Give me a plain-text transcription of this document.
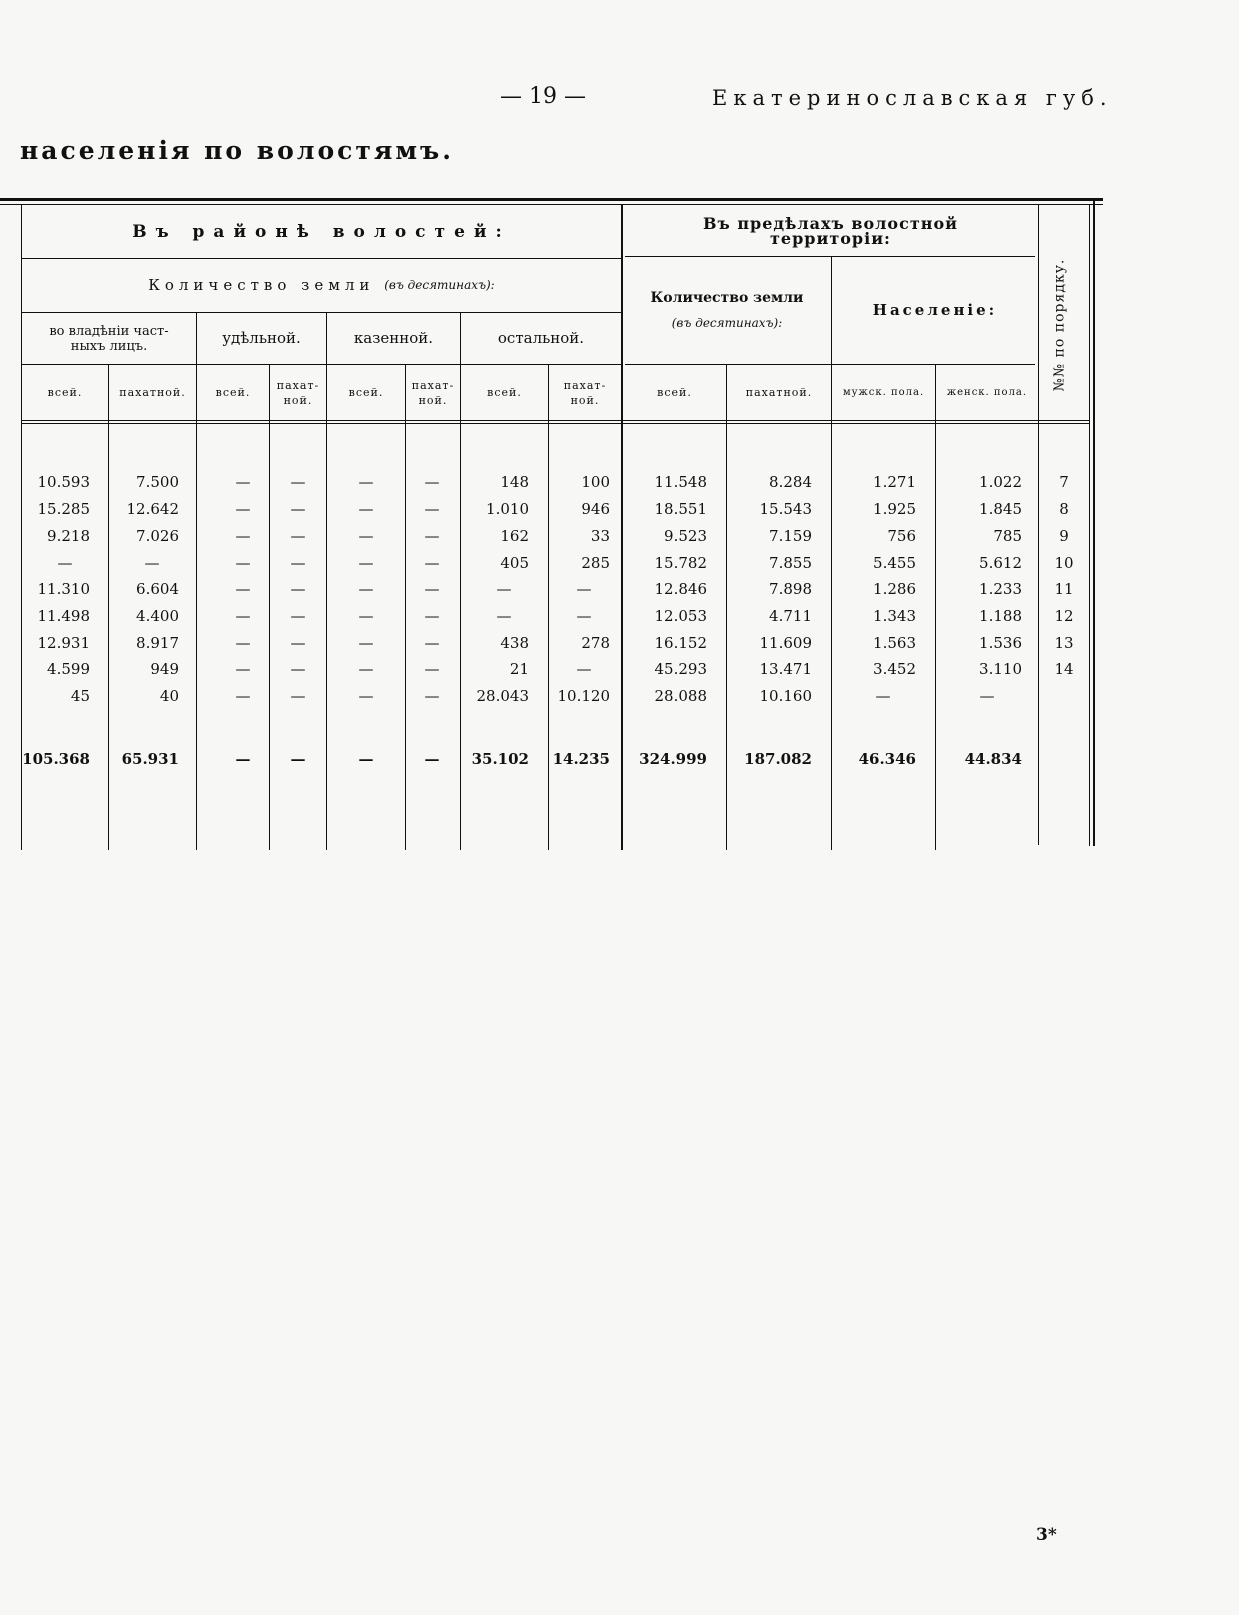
— 19 —	Екатеринославская губ.
населенія по волостямъ.
Въ районѣ волостей:	Въ предѣлахъ волостной
территоріи:
Количество земли
(въ десятинахъ):
Количество земли
(въ десятинахъ):
Населеніе:	№№ по порядку.
во владѣніи част-
ныхъ лицъ.	удѣльной.	казенной.	остальной.
всей.	пахатной.	всей.
пахат-
ной.
всей.
пахат-
ной.
всей.
пахат-
ной.
всей.	пахатной.	мужск. пола.	женск. пола.
10.593	7.500	—	—	—	—	148	100	11.548	8.284	1.271	1.022	7
15.285	12.642	—	—	—	—	1.010	946	18.551	15.543	1.925	1.845	8
9.218	7.026	—	—	—	—	162	33	9.523	7.159	756	785	9
—	—	—	—	—	—	405	285	15.782	7.855	5.455	5.612	10
11.310	6.604	—	—	—	—	—	—	12.846	7.898	1.286	1.233	11
11.498	4.400	—	—	—	—	—	—	12.053	4.711	1.343	1.188	12
12.931	8.917	—	—	—	—	438	278	16.152	11.609	1.563	1.536	13
4.599	949	—	—	—	—	21	—	45.293	13.471	3.452	3.110	14
45	40	—	—	—	—	28.043	10.120	28.088	10.160	—	—
105.368	65.931	—	—	—	—	35.102	14.235	324.999	187.082	46.346	44.834
3*
